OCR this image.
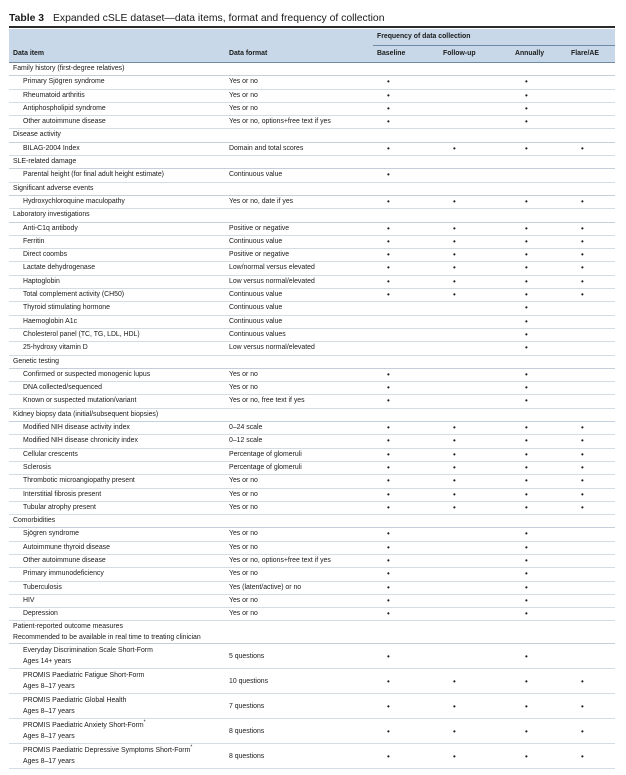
Table 3 Expanded cSLE dataset—data items, format and frequency of collection
		Frequency of data collection			
Data item	Data format	Baseline	Follow-up	Annually	Flare/AE
Family history (first-degree relatives)					
Primary Sjögren syndrome	Yes or no	•		•	
Rheumatoid arthritis	Yes or no	•		•	
Antiphospholipid syndrome	Yes or no	•		•	
Other autoimmune disease	Yes or no, options+free text if yes	•		•	
Disease activity					
BILAG-2004 Index	Domain and total scores	•	•	•	•
SLE-related damage					
Parental height (for final adult height estimate)	Continuous value	•			
Significant adverse events					
Hydroxychloroquine maculopathy	Yes or no, date if yes	•	•	•	•
Laboratory investigations					
Anti-C1q antibody	Positive or negative	•	•	•	•
Ferritin	Continuous value	•	•	•	•
Direct coombs	Positive or negative	•	•	•	•
Lactate dehydrogenase	Low/normal versus elevated	•	•	•	•
Haptoglobin	Low versus normal/elevated	•	•	•	•
Total complement activity (CH50)	Continuous value	•	•	•	•
Thyroid stimulating hormone	Continuous value			•	
Haemoglobin A1c	Continuous value			•	
Cholesterol panel (TC, TG, LDL, HDL)	Continuous values			•	
25-hydroxy vitamin D	Low versus normal/elevated			•	
Genetic testing					
Confirmed or suspected monogenic lupus	Yes or no	•		•	
DNA collected/sequenced	Yes or no	•		•	
Known or suspected mutation/variant	Yes or no, free text if yes	•		•	
Kidney biopsy data (initial/subsequent biopsies)					
Modified NIH disease activity index	0–24 scale	•	•	•	•
Modified NIH disease chronicity index	0–12 scale	•	•	•	•
Cellular crescents	Percentage of glomeruli	•	•	•	•
Sclerosis	Percentage of glomeruli	•	•	•	•
Thrombotic microangiopathy present	Yes or no	•	•	•	•
Interstitial fibrosis present	Yes or no	•	•	•	•
Tubular atrophy present	Yes or no	•	•	•	•
Comorbidities					
Sjögren syndrome	Yes or no	•		•	
Autoimmune thyroid disease	Yes or no	•		•	
Other autoimmune disease	Yes or no, options+free text if yes	•		•	
Primary immunodeficiency	Yes or no	•		•	
Tuberculosis	Yes (latent/active) or no	•		•	
HIV	Yes or no	•		•	
Depression	Yes or no	•		•	

Patient-reported outcome measures
Recommended to be available in real time to treating clinician					

Everyday Discrimination Scale Short-Form
Ages 14+ years	5 questions	•		•	

PROMIS Paediatric Fatigue Short-Form
Ages 8–17 years	10 questions	•	•	•	•

PROMIS Paediatric Global Health
Ages 8–17 years	7 questions	•	•	•	•

PROMIS Paediatric Anxiety Short-Form*
Ages 8–17 years	8 questions	•	•	•	•

PROMIS Paediatric Depressive Symptoms Short-Form*
Ages 8–17 years	8 questions	•	•	•	•
